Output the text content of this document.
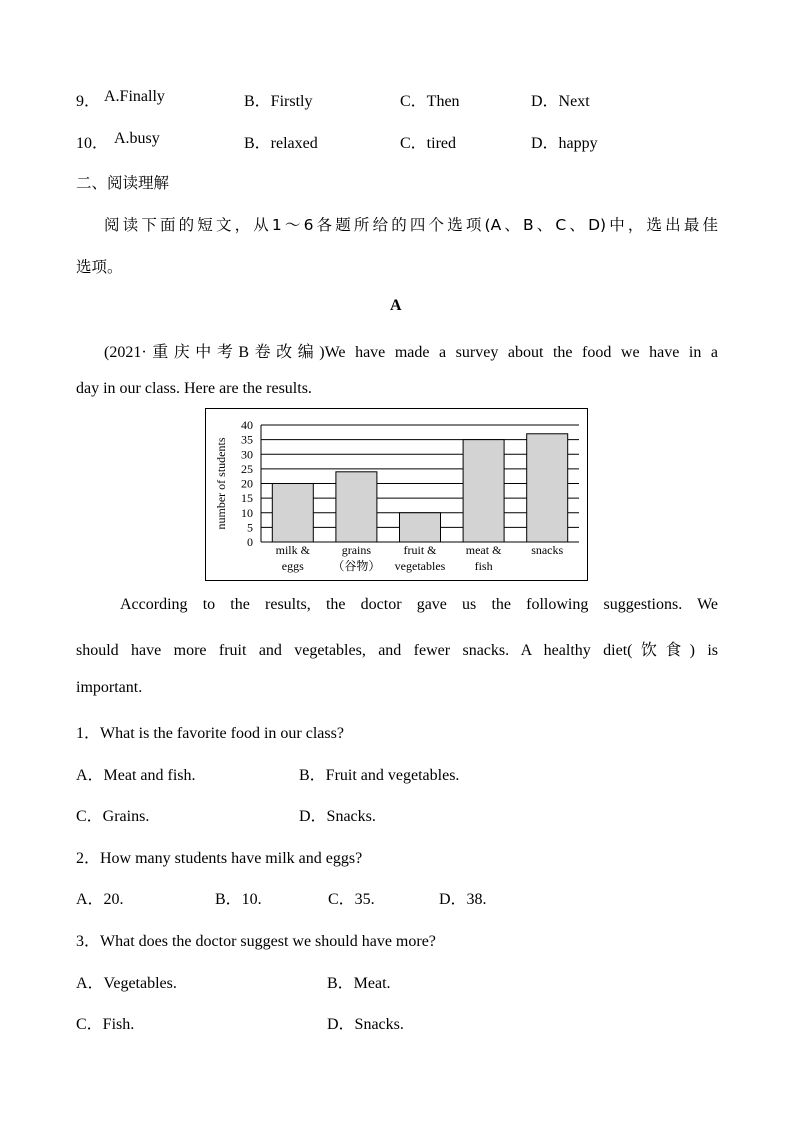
9． A.Finally	B．Firstly	C．Then	D．Next
10． A.busy	B．relaxed	C．tired	D．happy
二、阅读理解
阅读下面的短文，从1～6各题所给的四个选项(A、B、C、D)中，选出最佳
选项。
A
(2021·重庆中考B卷改编)We have made a survey about the food we have in a
day in our class. Here are the results.
0
5
10
15
20
25
30
35
40
number of students
milk &
eggs
grains
（谷物）
fruit &
vegetables
meat &
fish
snacks
According to the results, the doctor gave us the following suggestions. We
should have more fruit and vegetables, and fewer snacks. A healthy diet(饮食) is
important.
1．What is the favorite food in our class?
A．Meat and fish.	B．Fruit and vegetables.
C．Grains.	D．Snacks.
2．How many students have milk and eggs?
A．20.	B．10.	C．35.	D．38.
3．What does the doctor suggest we should have more?
A．Vegetables.	B．Meat.
C．Fish.	D．Snacks.
